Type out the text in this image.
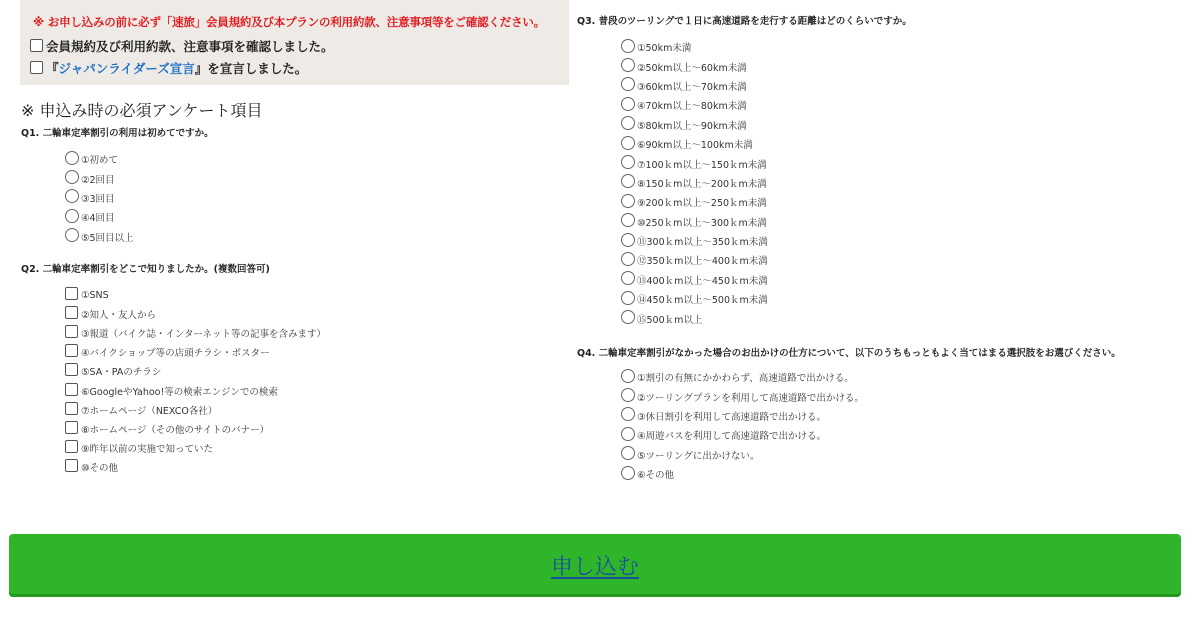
※ お申し込みの前に必ず「速旅」会員規約及び本プランの利用約款、注意事項等をご確認ください。
会員規約及び利用約款、注意事項を確認しました。
『 ジャパンライダーズ宣言 』を宣言しました。
※ 申込み時の必須アンケート項目
Q1. 二輪車定率割引の利用は初めてですか。
①初めて
②2回目
③3回目
④4回目
⑤5回目以上
Q2. 二輪車定率割引をどこで知りましたか。(複数回答可)
①SNS
②知人・友人から
③報道（バイク誌・インターネット等の記事を含みます）
④バイクショップ等の店頭チラシ・ポスター
⑤SA・PAのチラシ
⑥GoogleやYahoo!等の検索エンジンでの検索
⑦ホームページ（NEXCO各社）
⑧ホームページ（その他のサイトのバナー）
⑨昨年以前の実施で知っていた
⑩その他
Q3. 普段のツーリングで１日に高速道路を走行する距離はどのくらいですか。
①50km未満
②50km以上～60km未満
③60km以上～70km未満
④70km以上～80km未満
⑤80km以上～90km未満
⑥90km以上～100km未満
⑦100ｋm以上～150ｋm未満
⑧150ｋm以上～200ｋm未満
⑨200ｋm以上～250ｋm未満
⑩250ｋm以上～300ｋm未満
⑪300ｋm以上～350ｋm未満
⑫350ｋm以上～400ｋm未満
⑬400ｋm以上～450ｋm未満
⑭450ｋm以上～500ｋm未満
⑮500ｋm以上
Q4. 二輪車定率割引がなかった場合のお出かけの仕方について、以下のうちもっともよく当てはまる選択肢をお選びください。
①割引の有無にかかわらず、高速道路で出かける。
②ツーリングプランを利用して高速道路で出かける。
③休日割引を利用して高速道路で出かける。
④周遊パスを利用して高速道路で出かける。
⑤ツーリングに出かけない。
⑥その他
申し込む
